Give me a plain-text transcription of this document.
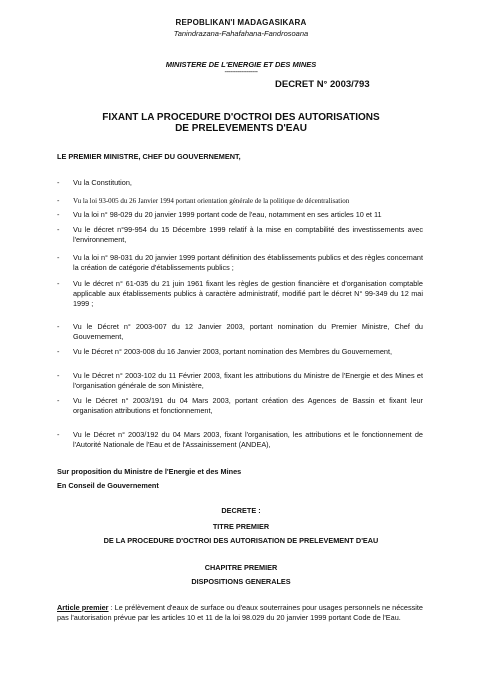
REPOBLIKAN'I MADAGASIKARA
Tanindrazana-Fahafahana-Fandrosoana
MINISTERE DE L'ENERGIE ET DES MINES
------------------
DECRET N° 2003/793
FIXANT LA PROCEDURE D'OCTROI DES AUTORISATIONS
DE PRELEVEMENTS D'EAU
LE PREMIER MINISTRE, CHEF DU GOUVERNEMENT,
- Vu la Constitution,
- Vu la loi 93-005 du 26 Janvier 1994 portant orientation générale de la politique de décentralisation
- Vu la loi n° 98-029 du 20 janvier 1999 portant code de l'eau, notamment en ses articles 10 et 11
- Vu le décret n°99-954 du 15 Décembre 1999 relatif à la mise en comptabilité des investissements avec l'environnement,
- Vu la loi n° 98-031 du 20 janvier 1999 portant définition des établissements publics et des règles concernant la création de catégorie d'établissements publics ;
- Vu le décret n° 61-035 du 21 juin 1961 fixant les règles de gestion financière et d'organisation comptable applicable aux établissements publics à caractère administratif, modifié part le décret N° 99-349 du 12 mai 1999 ;
- Vu le Décret n° 2003-007 du 12 Janvier 2003, portant nomination du Premier Ministre, Chef du Gouvernement,
- Vu le Décret n° 2003-008 du 16 Janvier 2003, portant nomination des Membres du Gouvernement,
- Vu le Décret n° 2003-102 du 11 Février 2003, fixant les attributions du Ministre de l'Energie et des Mines et l'organisation générale de son Ministère,
- Vu le Décret n° 2003/191 du 04 Mars 2003, portant création des Agences de Bassin et fixant leur organisation attributions et fonctionnement,
- Vu le Décret n° 2003/192 du 04 Mars 2003, fixant l'organisation, les attributions et le fonctionnement de l'Autorité Nationale de l'Eau et de l'Assainissement (ANDEA),
Sur proposition du Ministre de l'Energie et des Mines
En Conseil de Gouvernement
DECRETE :
TITRE PREMIER
DE LA PROCEDURE D'OCTROI DES AUTORISATION DE PRELEVEMENT D'EAU
CHAPITRE PREMIER
DISPOSITIONS GENERALES
Article premier : Le prélèvement d'eaux de surface ou d'eaux souterraines pour usages personnels ne nécessite pas l'autorisation prévue par les articles 10 et 11 de la loi 98.029 du 20 janvier 1999 portant Code de l'Eau.
